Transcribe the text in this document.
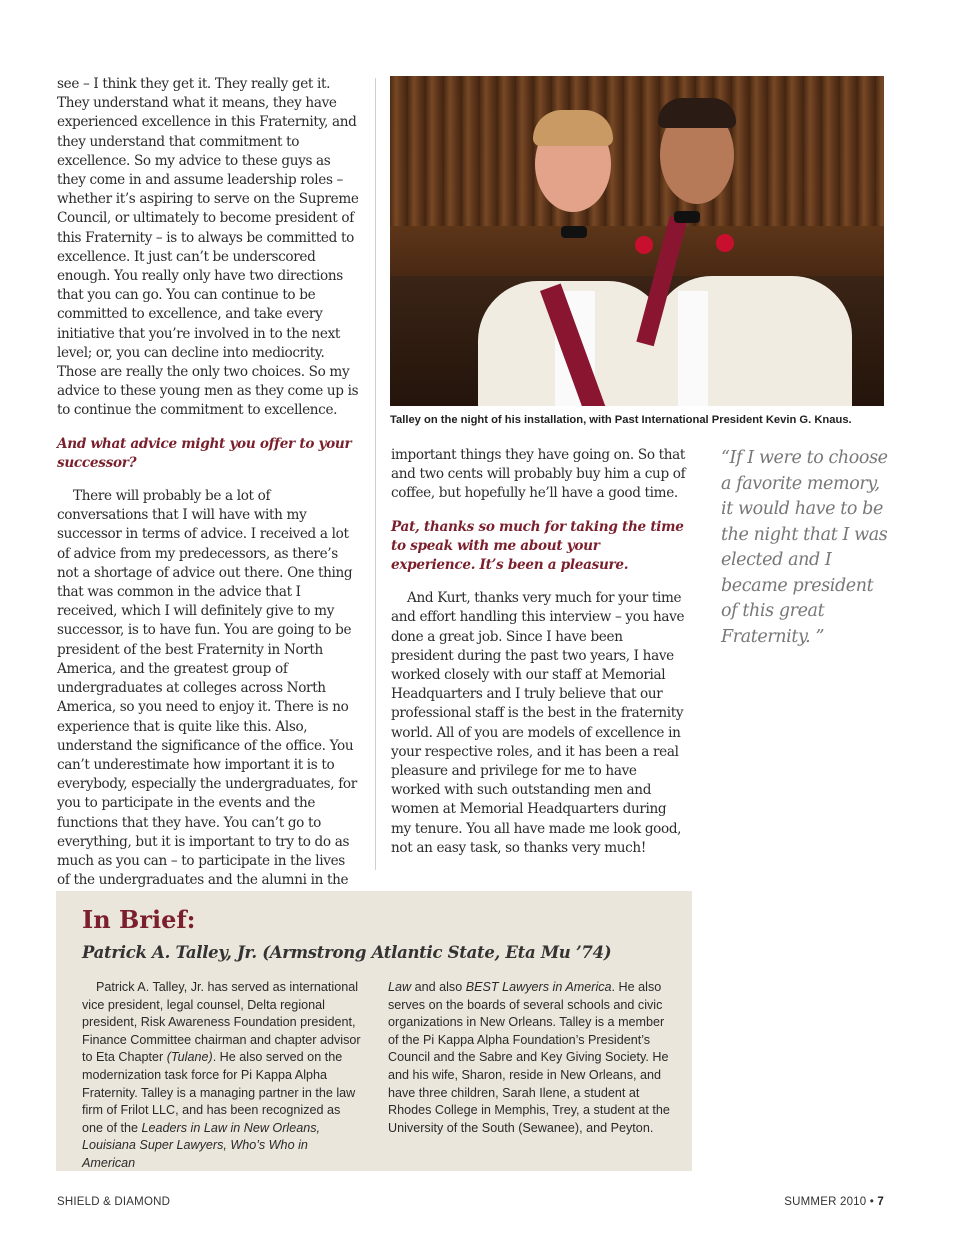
see – I think they get it. They really get it. They understand what it means, they have experienced excellence in this Fraternity, and they understand that commitment to excellence. So my advice to these guys as they come in and assume leadership roles – whether it’s aspiring to serve on the Supreme Council, or ultimately to become president of this Fraternity – is to always be committed to excellence. It just can’t be underscored enough. You really only have two directions that you can go. You can continue to be committed to excellence, and take every initiative that you’re involved in to the next level; or, you can decline into mediocrity. Those are really the only two choices. So my advice to these young men as they come up is to continue the commitment to excellence.

And what advice might you offer to your successor?

There will probably be a lot of conversations that I will have with my successor in terms of advice. I received a lot of advice from my predecessors, as there’s not a shortage of advice out there. One thing that was common in the advice that I received, which I will definitely give to my successor, is to have fun. You are going to be president of the best Fraternity in North America, and the greatest group of undergraduates at colleges across North America, so you need to enjoy it. There is no experience that is quite like this. Also, understand the significance of the office. You can’t underestimate how important it is to everybody, especially the undergraduates, for you to participate in the events and the functions that they have. You can’t go to everything, but it is important to try to do as much as you can – to participate in the lives of the undergraduates and the alumni in the

Talley on the night of his installation, with Past International President Kevin G. Knaus.

important things they have going on. So that and two cents will probably buy him a cup of coffee, but hopefully he’ll have a good time.

Pat, thanks so much for taking the time to speak with me about your experience. It’s been a pleasure.

And Kurt, thanks very much for your time and effort handling this interview – you have done a great job. Since I have been president during the past two years, I have worked closely with our staff at Memorial Headquarters and I truly believe that our professional staff is the best in the fraternity world. All of you are models of excellence in your respective roles, and it has been a real pleasure and privilege for me to have worked with such outstanding men and women at Memorial Headquarters during my tenure. You all have made me look good, not an easy task, so thanks very much!

“If I were to choose a favorite memory, it would have to be the night that I was elected and I became president of this great Fraternity. ”

In Brief:
Patrick A. Talley, Jr. (Armstrong Atlantic State, Eta Mu ’74)

Patrick A. Talley, Jr. has served as international vice president, legal counsel, Delta regional president, Risk Awareness Foundation president, Finance Committee chairman and chapter advisor to Eta Chapter (Tulane). He also served on the modernization task force for Pi Kappa Alpha Fraternity. Talley is a managing partner in the law firm of Frilot LLC, and has been recognized as one of the Leaders in Law in New Orleans, Louisiana Super Lawyers, Who’s Who in American

Law and also BEST Lawyers in America. He also serves on the boards of several schools and civic organizations in New Orleans. Talley is a member of the Pi Kappa Alpha Foundation’s President’s Council and the Sabre and Key Giving Society. He and his wife, Sharon, reside in New Orleans, and have three children, Sarah Ilene, a student at Rhodes College in Memphis, Trey, a student at the University of the South (Sewanee), and Peyton.

SHIELD & DIAMOND	SUMMER 2010 • 7
